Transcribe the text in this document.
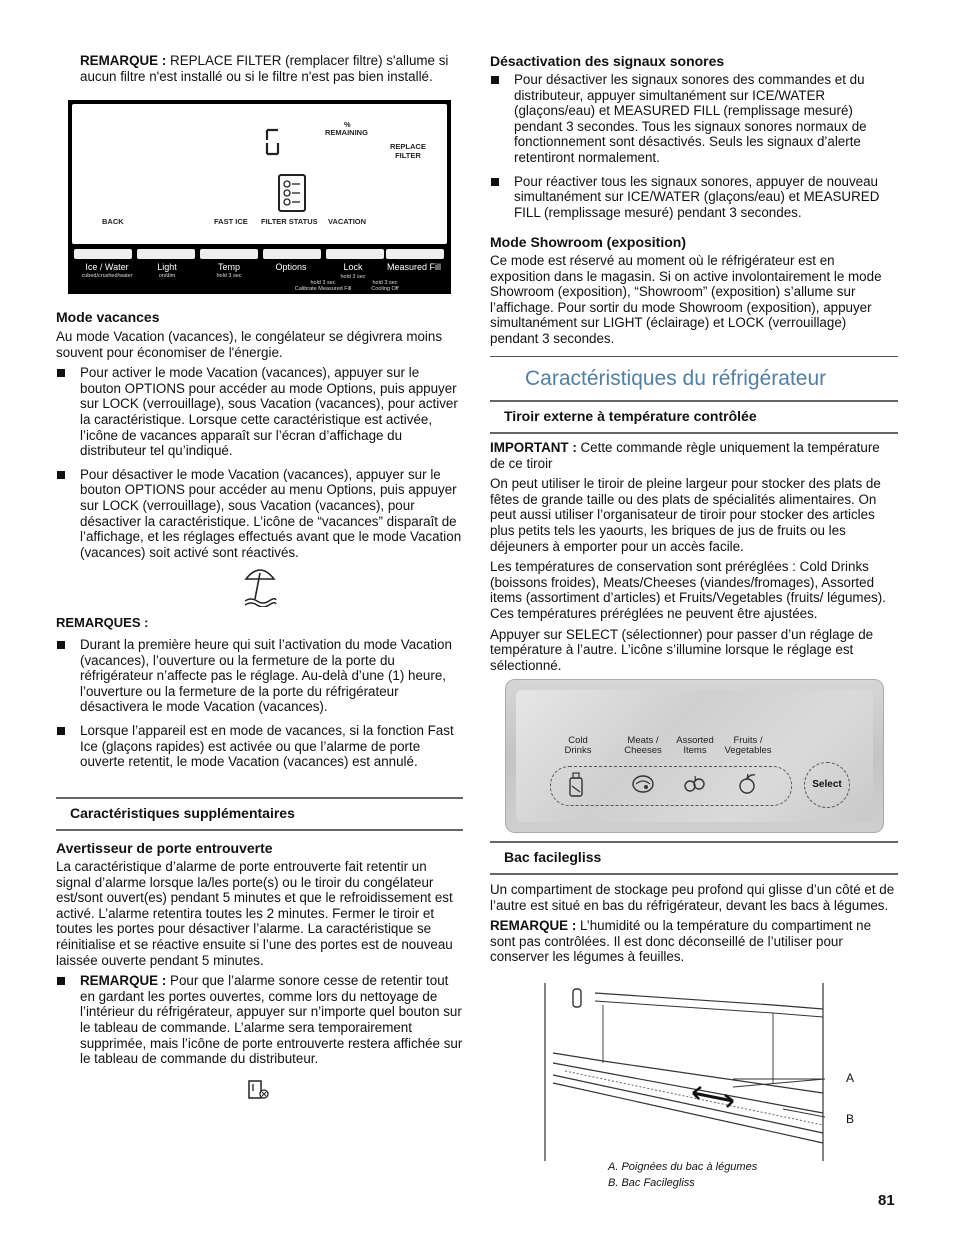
REMARQUE : REPLACE FILTER (remplacer filtre) s'allume si aucun filtre n'est installé ou si le filtre n'est pas bien installé.

%
REMAINING
REPLACE
FILTER
BACK	FAST ICE FILTER STATUS VACATION
Ice / Water	Light	Temp	Options	Lock	Measured Fill
cubed/crushed/water	on/dim	hold 3 sec	hold 3 sec
hold 3 sec
Calibrate Measured Fill
hold 3 sec
Cooling Off
Mode vacances

Au mode Vacation (vacances), le congélateur se dégivrera moins souvent pour économiser de l'énergie.

Pour activer le mode Vacation (vacances), appuyer sur le bouton OPTIONS pour accéder au mode Options, puis appuyer sur LOCK (verrouillage), sous Vacation (vacances), pour activer la caractéristique. Lorsque cette caractéristique est activée, l’icône de vacances apparaît sur l’écran d’affichage du distributeur tel qu’indiqué.
Pour désactiver le mode Vacation (vacances), appuyer sur le bouton OPTIONS pour accéder au menu Options, puis appuyer sur LOCK (verrouillage), sous Vacation (vacances), pour désactiver la caractéristique. L’icône de “vacances” disparaît de l’affichage, et les réglages effectués avant que le mode Vacation (vacances) soit activé sont réactivés.
REMARQUES :
Durant la première heure qui suit l’activation du mode Vacation (vacances), l’ouverture ou la fermeture de la porte du réfrigérateur n’affecte pas le réglage. Au-delà d’une (1) heure, l’ouverture ou la fermeture de la porte du réfrigérateur désactivera le mode Vacation (vacances).
Lorsque l’appareil est en mode de vacances, si la fonction Fast Ice (glaçons rapides) est activée ou que l’alarme de porte ouverte retentit, le mode Vacation (vacances) est annulé.
Caractéristiques supplémentaires
Avertisseur de porte entrouverte

La caractéristique d’alarme de porte entrouverte fait retentir un signal d’alarme lorsque la/les porte(s) ou le tiroir du congélateur est/sont ouvert(es) pendant 5 minutes et que le refroidissement est activé. L’alarme retentira toutes les 2 minutes. Fermer le tiroir et toutes les portes pour désactiver l’alarme. La caractéristique se réinitialise et se réactive ensuite si l’une des portes est de nouveau laissée ouverte pendant 5 minutes.

REMARQUE : Pour que l’alarme sonore cesse de retentir tout en gardant les portes ouvertes, comme lors du nettoyage de l’intérieur du réfrigérateur, appuyer sur n’importe quel bouton sur le tableau de commande. L’alarme sera temporairement supprimée, mais l’icône de porte entrouverte restera affichée sur le tableau de commande du distributeur.
Désactivation des signaux sonores
Pour désactiver les signaux sonores des commandes et du distributeur, appuyer simultanément sur ICE/WATER (glaçons/eau) et MEASURED FILL (remplissage mesuré) pendant 3 secondes. Tous les signaux sonores normaux de fonctionnement sont désactivés. Seuls les signaux d’alerte retentiront normalement.
Pour réactiver tous les signaux sonores, appuyer de nouveau simultanément sur ICE/WATER (glaçons/eau) et MEASURED FILL (remplissage mesuré) pendant 3 secondes.
Mode Showroom (exposition)

Ce mode est réservé au moment où le réfrigérateur est en exposition dans le magasin. Si on active involontairement le mode Showroom (exposition), “Showroom” (exposition) s’allume sur l’affichage. Pour sortir du mode Showroom (exposition), appuyer simultanément sur LIGHT (éclairage) et LOCK (verrouillage) pendant 3 secondes.

Caractéristiques du réfrigérateur
Tiroir externe à température contrôlée

IMPORTANT : Cette commande règle uniquement la température de ce tiroir

On peut utiliser le tiroir de pleine largeur pour stocker des plats de fêtes de grande taille ou des plats de spécialités alimentaires. On peut aussi utiliser l’organisateur de tiroir pour stocker des articles plus petits tels les yaourts, les briques de jus de fruits ou les déjeuners à emporter pour un accès facile.

Les températures de conservation sont préréglées : Cold Drinks (boissons froides), Meats/Cheeses (viandes/fromages), Assorted items (assortiment d’articles) et Fruits/Vegetables (fruits/ légumes). Ces températures préréglées ne peuvent être ajustées.

Appuyer sur SELECT (sélectionner) pour passer d’un réglage de température à l’autre. L’icône s’illumine lorsque le réglage est sélectionné.

Cold
Drinks
Meats /
Cheeses
Assorted
Items
Fruits /
Vegetables
Select
Bac facilegliss

Un compartiment de stockage peu profond qui glisse d’un côté et de l’autre est situé en bas du réfrigérateur, devant les bacs à légumes.

REMARQUE : L’humidité ou la température du compartiment ne sont pas contrôlées. Il est donc déconseillé de l’utiliser pour conserver les légumes à feuilles.

A
B
A. Poignées du bac à légumes
B. Bac Facilegliss
81
